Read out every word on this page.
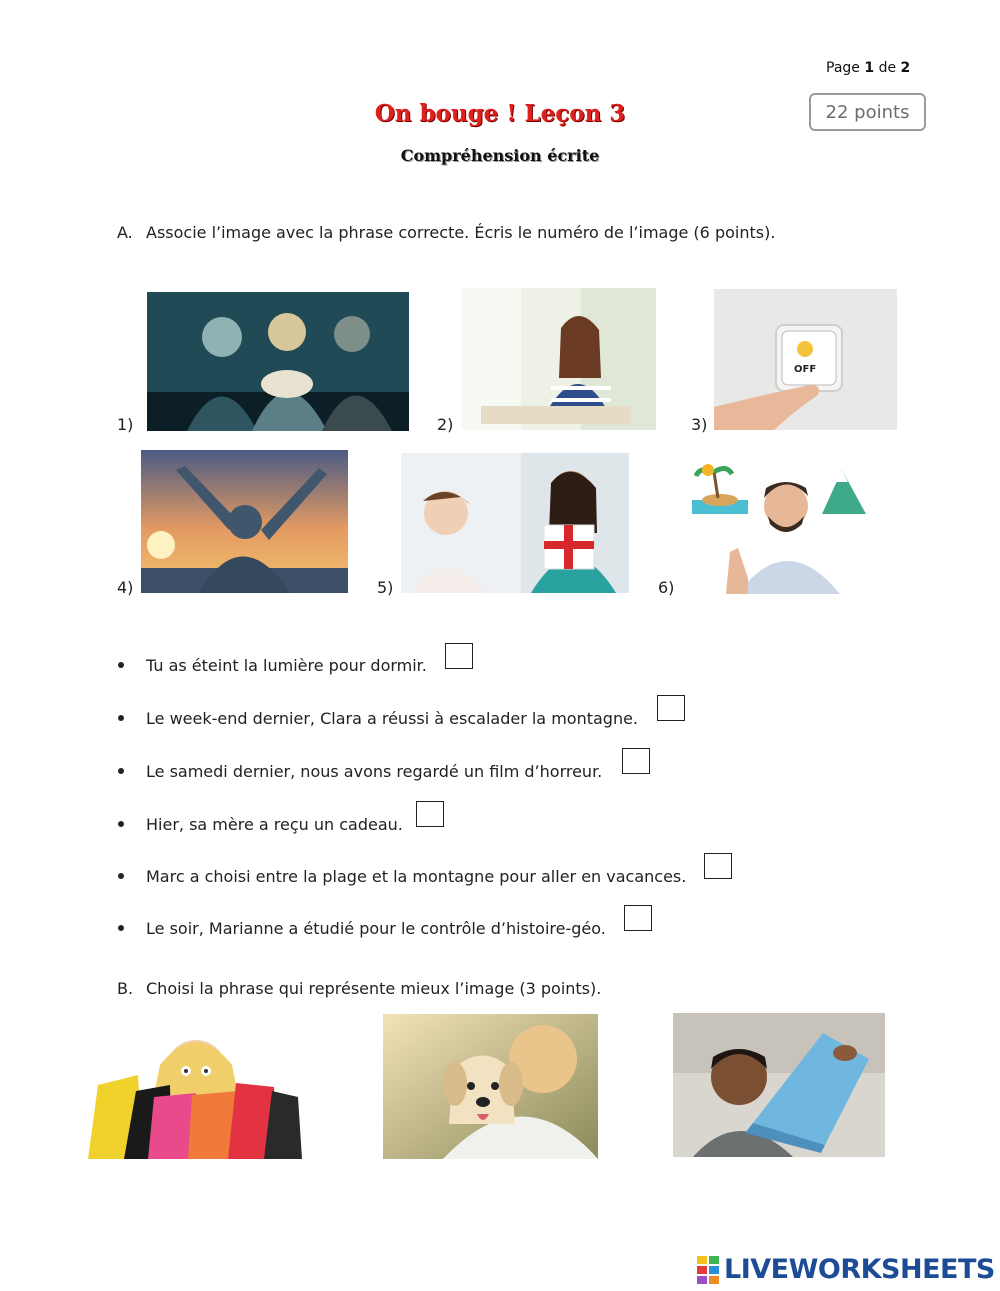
Page 1 de 2
22 points
On bouge ! Leçon 3
Compréhension écrite
A. Associe l’image avec la phrase correcte. Écris le numéro de l’image (6 points).
1)	2)	3)
OFF
4)	5)	6)
Tu as éteint la lumière pour dormir.
Le week-end dernier, Clara a réussi à escalader la montagne.
Le samedi dernier, nous avons regardé un film d’horreur.
Hier, sa mère a reçu un cadeau.
Marc a choisi entre la plage et la montagne pour aller en vacances.
Le soir, Marianne a étudié pour le contrôle d’histoire-géo.
B. Choisi la phrase qui représente mieux l’image (3 points).
LIVEWORKSHEETS
